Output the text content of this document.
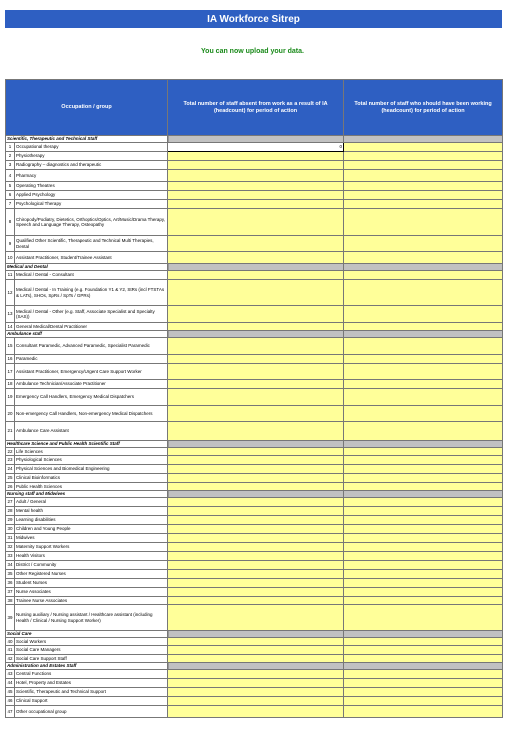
IA Workforce Sitrep
You can now upload your data.
Occupation / group		Total number of staff absent from work as a result of IA (headcount) for period of action	Total number of staff who should have been working (headcount) for period of action
Scientific, Therapeutic and Technical Staff			
1	Occupational therapy	0	
2	Physiotherapy		
3	Radiography – diagnostics and therapeutic		
4	Pharmacy		
5	Operating Theatres		
6	Applied Psychology		
7	Psychological Therapy		
8	Chiropody/Podiatry, Dietetics, Orthoptics/Optics, Art/Music/Drama Therapy, Speech and Language Therapy, Osteopathy		
9	Qualified Other Scientific, Therapeutic and Technical Multi Therapies, Dental		
10	Assistant Practitioner, Student/Trainee Assistant		
Medical and Dental			
11	Medical / Dental - Consultant		
12	Medical / Dental - In Training (e.g. Foundation Y1 & Y2, StRs (incl FTSTAs & LATs), SHOs, SpRs / SpTs / GPRs)		
13	Medical / Dental - Other (e.g. Staff, Associate Specialist and Specialty (SAS))		
14	General Medical/Dental Practitioner		
Ambulance staff			
15	Consultant Paramedic, Advanced Paramedic, Specialist Paramedic		
16	Paramedic		
17	Assistant Practitioner, Emergency/Urgent Care Support Worker		
18	Ambulance Technician/Associate Practitioner		
19	Emergency Call Handlers, Emergency Medical Dispatchers		
20	Non-emergency Call Handlers, Non-emergency Medical Dispatchers		
21	Ambulance Care Assistant		
Healthcare Science and Public Health Scientific Staff			
22	Life Sciences		
23	Physiological Sciences		
24	Physical Sciences and Biomedical Engineering		
25	Clinical Bioinformatics		
26	Public Health Sciences		
Nursing staff and Midwives			
27	Adult / General		
28	Mental health		
29	Learning disabilities		
30	Children and Young People		
31	Midwives		
32	Maternity Support Workers		
33	Health Visitors		
34	District / Community		
35	Other Registered Nurses		
36	Student Nurses		
37	Nurse Associates		
38	Trainee Nurse Associates		
39	Nursing auxiliary / Nursing assistant / Healthcare assistant (including Health / Clinical / Nursing Support Worker)		
Social Care			
40	Social Workers		
41	Social Care Managers		
42	Social Care Support Staff		
Administration and Estates Staff			
43	Central Functions		
44	Hotel, Property and Estates		
45	Scientific, Therapeutic and Technical Support		
46	Clinical Support		
47	Other occupational group		
